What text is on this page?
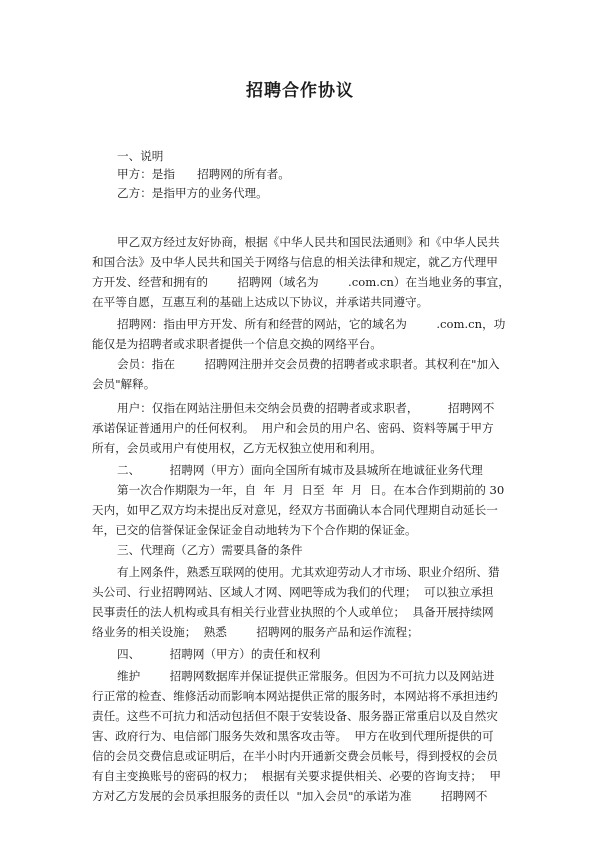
招聘合作协议
一、说明
甲方：是指      招聘网的所有者。
乙方：是指甲方的业务代理。
甲乙双方经过友好协商，根据《中华人民共和国民法通则》和《中华人民共
和国合法》及中华人民共和国关于网络与信息的相关法律和规定，就乙方代理甲
方开发、经营和拥有的        招聘网（域名为        .com.cn）在当地业务的事宜，
在平等自愿，互惠互利的基础上达成以下协议，并承诺共同遵守。
招聘网：指由甲方开发、所有和经营的网站，它的域名为        .com.cn，功
能仅是为招聘者或求职者提供一个信息交换的网络平台。
会员：指在        招聘网注册并交会员费的招聘者或求职者。其权利在"加入
会员"解释。
用户：仅指在网站注册但未交纳会员费的招聘者或求职者，        招聘网不
承诺保证普通用户的任何权利。  用户和会员的用户名、密码、资料等属于甲方
所有，会员或用户有使用权，乙方无权独立使用和利用。
二、        招聘网（甲方）面向全国所有城市及县城所在地诚征业务代理
第一次合作期限为一年，自  年  月  日至  年  月  日。在本合作到期前的 30
天内，如甲乙双方均未提出反对意见，经双方书面确认本合同代理期自动延长一
年，已交的信誉保证金保证金自动地转为下个合作期的保证金。
三、代理商（乙方）需要具备的条件
有上网条件，熟悉互联网的使用。尤其欢迎劳动人才市场、职业介绍所、猎
头公司、行业招聘网站、区域人才网、网吧等成为我们的代理；  可以独立承担
民事责任的法人机构或具有相关行业营业执照的个人或单位；  具备开展持续网
络业务的相关设施；  熟悉        招聘网的服务产品和运作流程；
四、        招聘网（甲方）的责任和权利
维护        招聘网数据库并保证提供正常服务。但因为不可抗力以及网站进
行正常的检查、维修活动而影响本网站提供正常的服务时，本网站将不承担违约
责任。这些不可抗力和活动包括但不限于安装设备、服务器正常重启以及自然灾
害、政府行为、电信部门服务失效和黑客攻击等。  甲方在收到代理所提供的可
信的会员交费信息或证明后，在半小时内开通新交费会员帐号，得到授权的会员
有自主变换账号的密码的权力；  根据有关要求提供相关、必要的咨询支持；  甲
方对乙方发展的会员承担服务的责任以  "加入会员"的承诺为准        招聘网不
